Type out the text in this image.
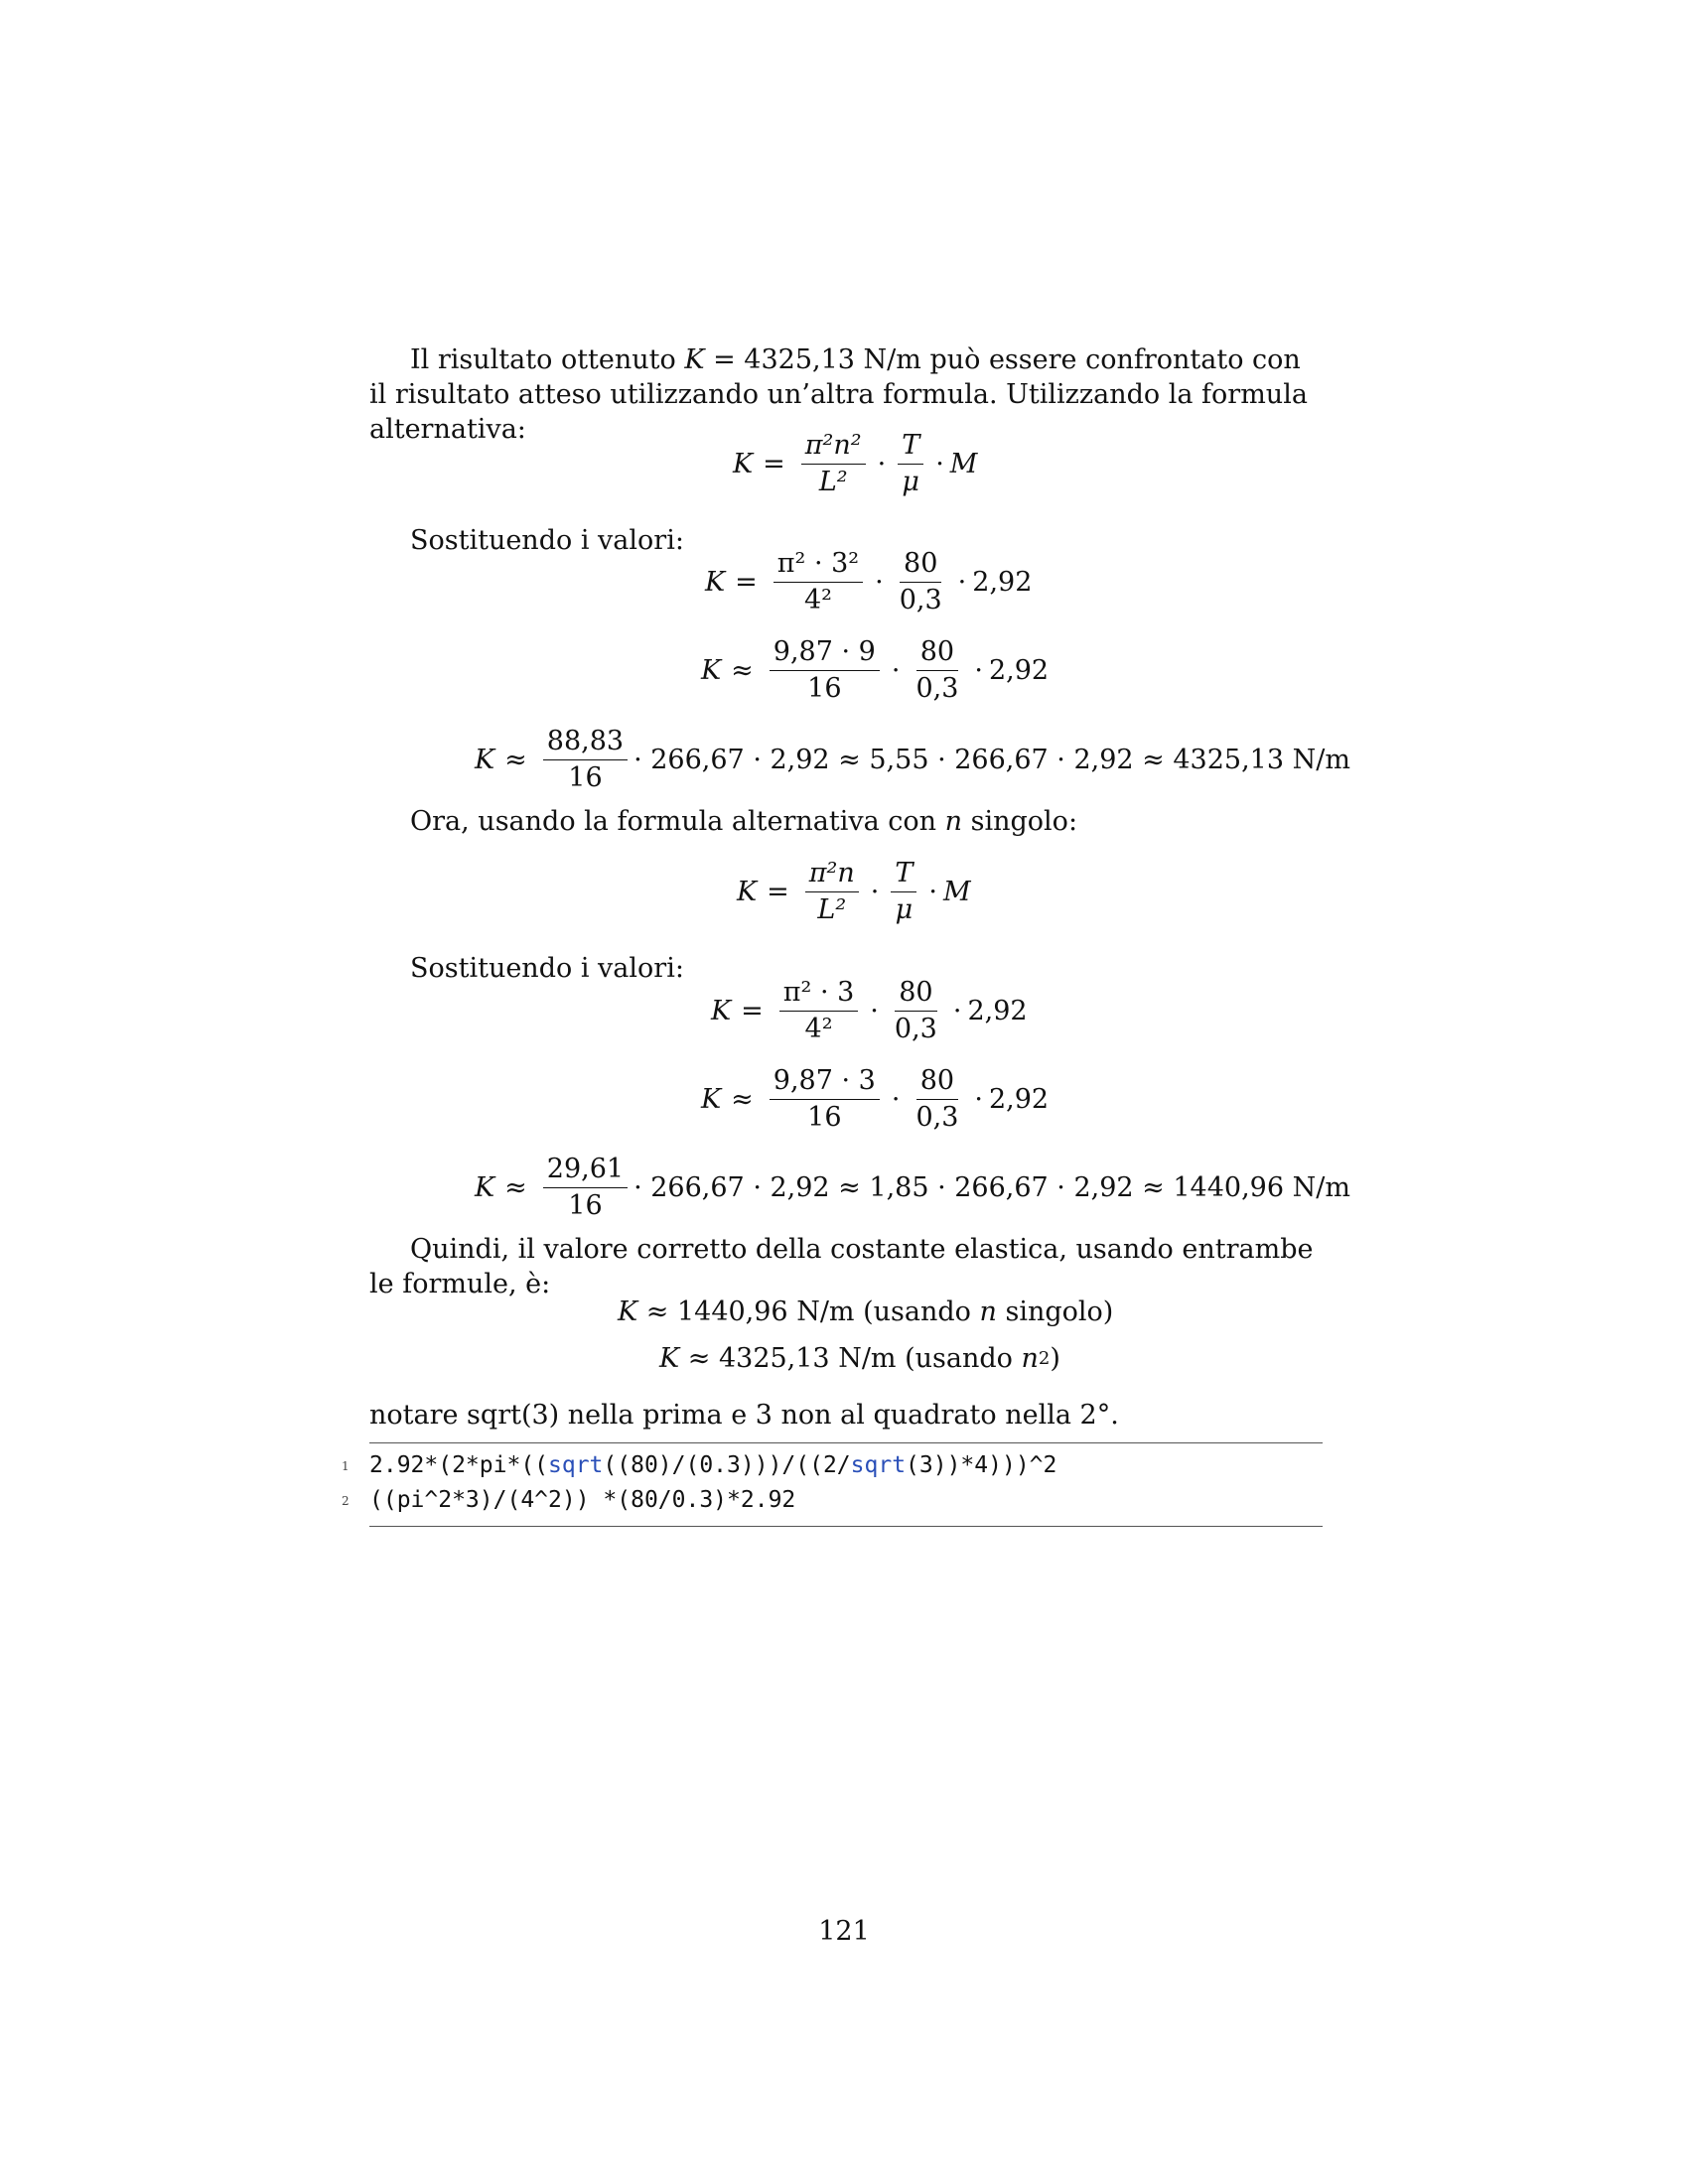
Il risultato ottenuto K = 4325,13 N/m può essere confrontato con il risultato atteso utilizzando un’altra formula. Utilizzando la formula alternativa:
$K = \frac{\text{π²n²}}{\text{L²}} \cdot \frac{T}{\mu} \cdot M$
Sostituendo i valori:
$K = \frac{\text{π² · 3²}}{\text{4²}} \cdot \frac{80}{0,3} \cdot 2,92$
$K \approx \frac{9,87 \cdot 9}{16} \cdot \frac{80}{0,3} \cdot 2,92$
$K \approx \frac{88,83}{16} \cdot 266,67 \cdot 2,92 \approx 5,55 \cdot 266,67 \cdot 2,92 \approx 4325,13$ N/m
Ora, usando la formula alternativa con n singolo:
$K = \frac{\text{π²n}}{\text{L²}} \cdot \frac{T}{\mu} \cdot M$
Sostituendo i valori:
$K = \frac{\text{π² · 3}}{\text{4²}} \cdot \frac{80}{0,3} \cdot 2,92$
$K \approx \frac{9,87 \cdot 3}{16} \cdot \frac{80}{0,3} \cdot 2,92$
$K \approx \frac{29,61}{16} \cdot 266,67 \cdot 2,92 \approx 1,85 \cdot 266,67 \cdot 2,92 \approx 1440,96$ N/m
Quindi, il valore corretto della costante elastica, usando entrambe le formule, è:
K ≈ 1440,96 N/m (usando n singolo)
K ≈ 4325,13 N/m (usando n 2 )
notare sqrt(3) nella prima e 3 non al quadrato nella 2°.
1 2.92*(2*pi*((sqrt((80)/(0.3)))/((2/sqrt(3))*4)))^2
2 ((pi^2*3)/(4^2)) *(80/0.3)*2.92
121
